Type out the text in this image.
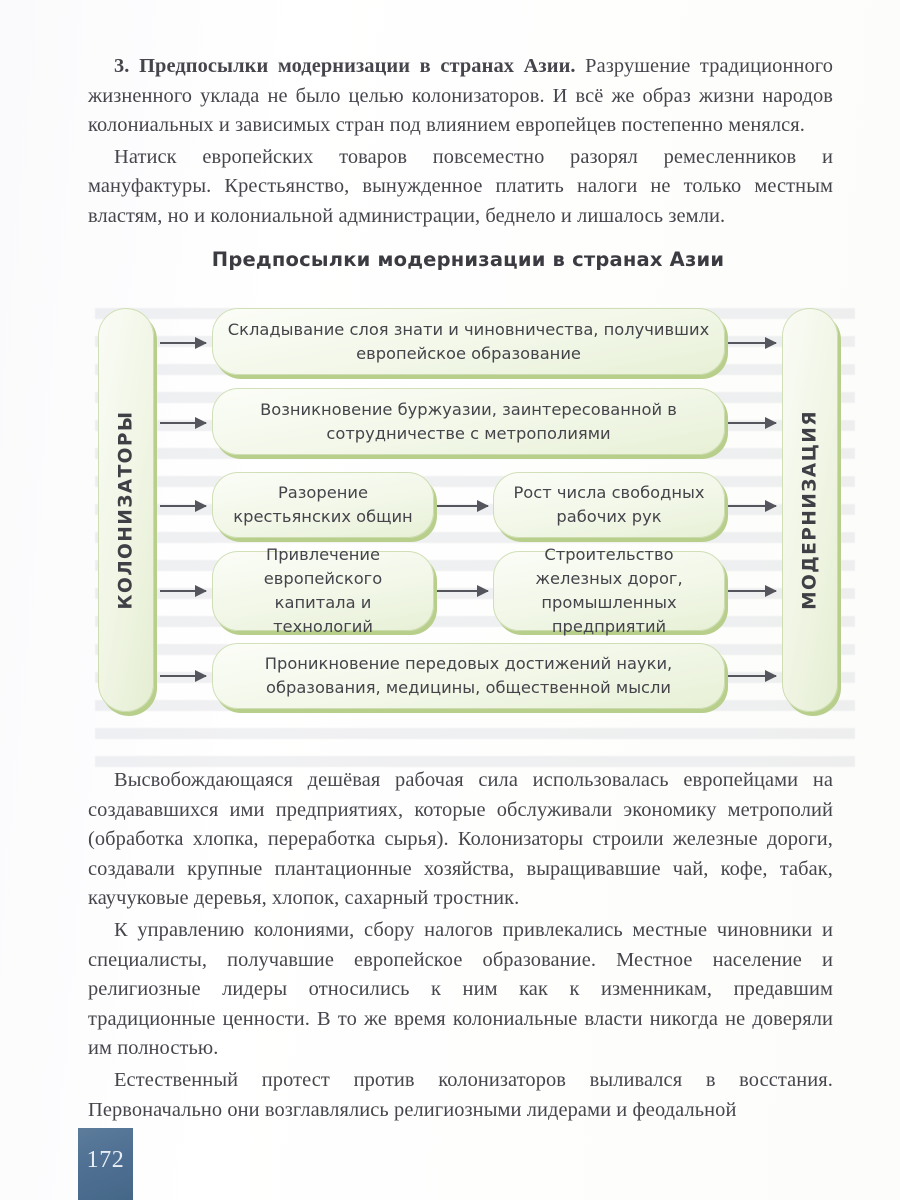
3. Предпосылки модернизации в странах Азии. Разрушение традиционного жизненного уклада не было целью колонизаторов. И всё же образ жизни народов колониальных и зависимых стран под влиянием европейцев постепенно менялся.

Натиск европейских товаров повсеместно разорял ремесленников и мануфактуры. Крестьянство, вынужденное платить налоги не только местным властям, но и колониальной администрации, беднело и лишалось земли.

Предпосылки модернизации в странах Азии
КОЛОНИЗАТОРЫ	МОДЕРНИЗАЦИЯ
Складывание слоя знати и чиновничества, получивших европейское образование
Возникновение буржуазии, заинтересованной в сотрудничестве с метрополиями
Разорение крестьянских общин
Рост числа свободных рабочих рук
Привлечение европейского капитала и технологий
Строительство железных дорог, промышленных предприятий
Проникновение передовых достижений науки, образования, медицины, общественной мысли

Высвобождающаяся дешёвая рабочая сила использовалась европейцами на создававшихся ими предприятиях, которые обслуживали экономику метрополий (обработка хлопка, переработка сырья). Колонизаторы строили железные дороги, создавали крупные плантационные хозяйства, выращивавшие чай, кофе, табак, каучуковые деревья, хлопок, сахарный тростник.

К управлению колониями, сбору налогов привлекались местные чиновники и специалисты, получавшие европейское образование. Местное население и религиозные лидеры относились к ним как к изменникам, предавшим традиционные ценности. В то же время колониальные власти никогда не доверяли им полностью.

Естественный протест против колонизаторов выливался в восстания. Первоначально они возглавлялись религиозными лидерами и феодальной

172
